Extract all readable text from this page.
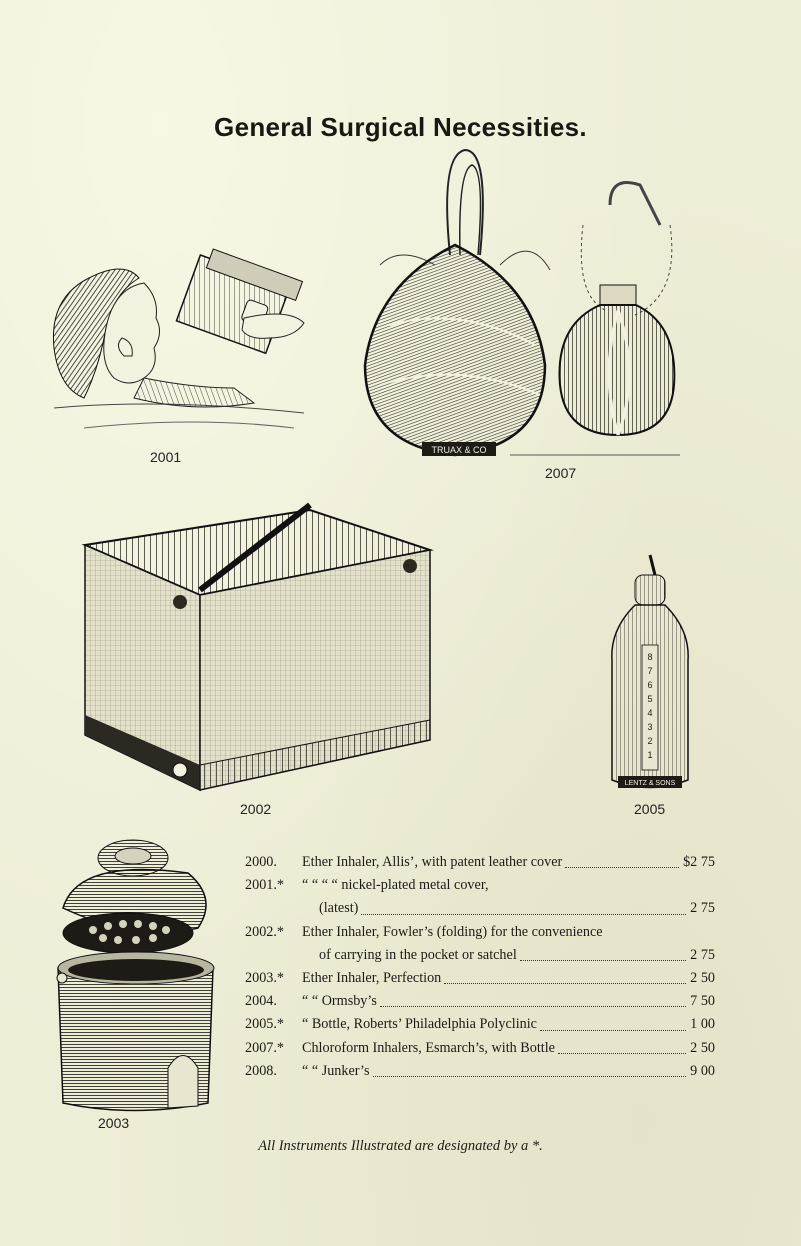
General Surgical Necessities.
2001	TRUAX & CO
2007
2002
8
7
6
5
4
3
2
1
LENTZ & SONS
2005
2003
2000. Ether Inhaler, Allis’, with patent leather cover	$2 75
2001.* “ “ “ “ nickel-plated metal cover,
(latest)	2 75
2002.* Ether Inhaler, Fowler’s (folding) for the convenience
of carrying in the pocket or satchel	2 75
2003.* Ether Inhaler, Perfection	2 50
2004. “ “ Ormsby’s	7 50
2005.* “ Bottle, Roberts’ Philadelphia Polyclinic	1 00
2007.* Chloroform Inhalers, Esmarch’s, with Bottle	2 50
2008. “ “ Junker’s	9 00
All Instruments Illustrated are designated by a *.
